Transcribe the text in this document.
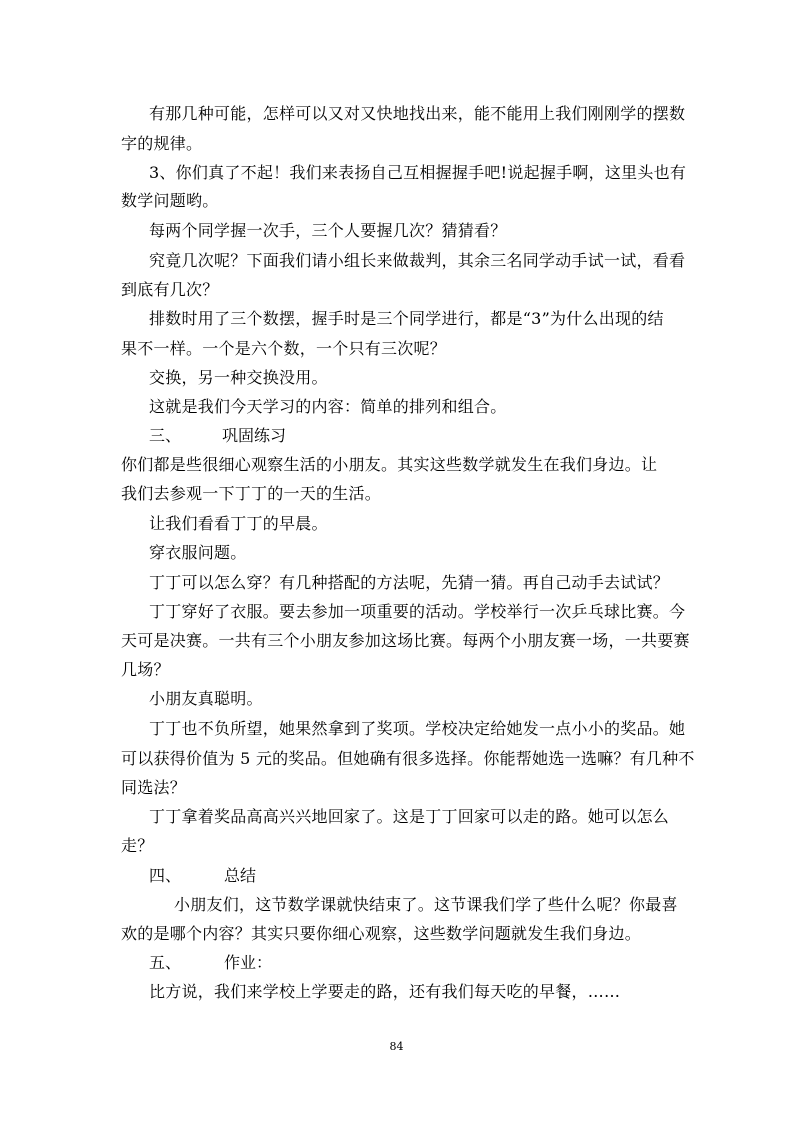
有那几种可能，怎样可以又对又快地找出来，能不能用上我们刚刚学的摆数
字的规律。
3、你们真了不起！我们来表扬自己互相握握手吧!说起握手啊，这里头也有
数学问题哟。
每两个同学握一次手，三个人要握几次？猜猜看？
究竟几次呢？下面我们请小组长来做裁判，其余三名同学动手试一试，看看
到底有几次？
排数时用了三个数摆，握手时是三个同学进行，都是“3”为什么出现的结
果不一样。一个是六个数，一个只有三次呢？
交换，另一种交换没用。
这就是我们今天学习的内容：简单的排列和组合。
三、	巩固练习
你们都是些很细心观察生活的小朋友。其实这些数学就发生在我们身边。让
我们去参观一下丁丁的一天的生活。
让我们看看丁丁的早晨。
穿衣服问题。
丁丁可以怎么穿？有几种搭配的方法呢，先猜一猜。再自己动手去试试？
丁丁穿好了衣服。要去参加一项重要的活动。学校举行一次乒乓球比赛。今
天可是决赛。一共有三个小朋友参加这场比赛。每两个小朋友赛一场，一共要赛
几场？
小朋友真聪明。
丁丁也不负所望，她果然拿到了奖项。学校决定给她发一点小小的奖品。她
可以获得价值为 5 元的奖品。但她确有很多选择。你能帮她选一选嘛？有几种不
同选法？
丁丁拿着奖品高高兴兴地回家了。这是丁丁回家可以走的路。她可以怎么
走？
四、	总结
小朋友们，这节数学课就快结束了。这节课我们学了些什么呢？你最喜
欢的是哪个内容？其实只要你细心观察，这些数学问题就发生我们身边。
五、	作业：
比方说，我们来学校上学要走的路，还有我们每天吃的早餐，……
84
